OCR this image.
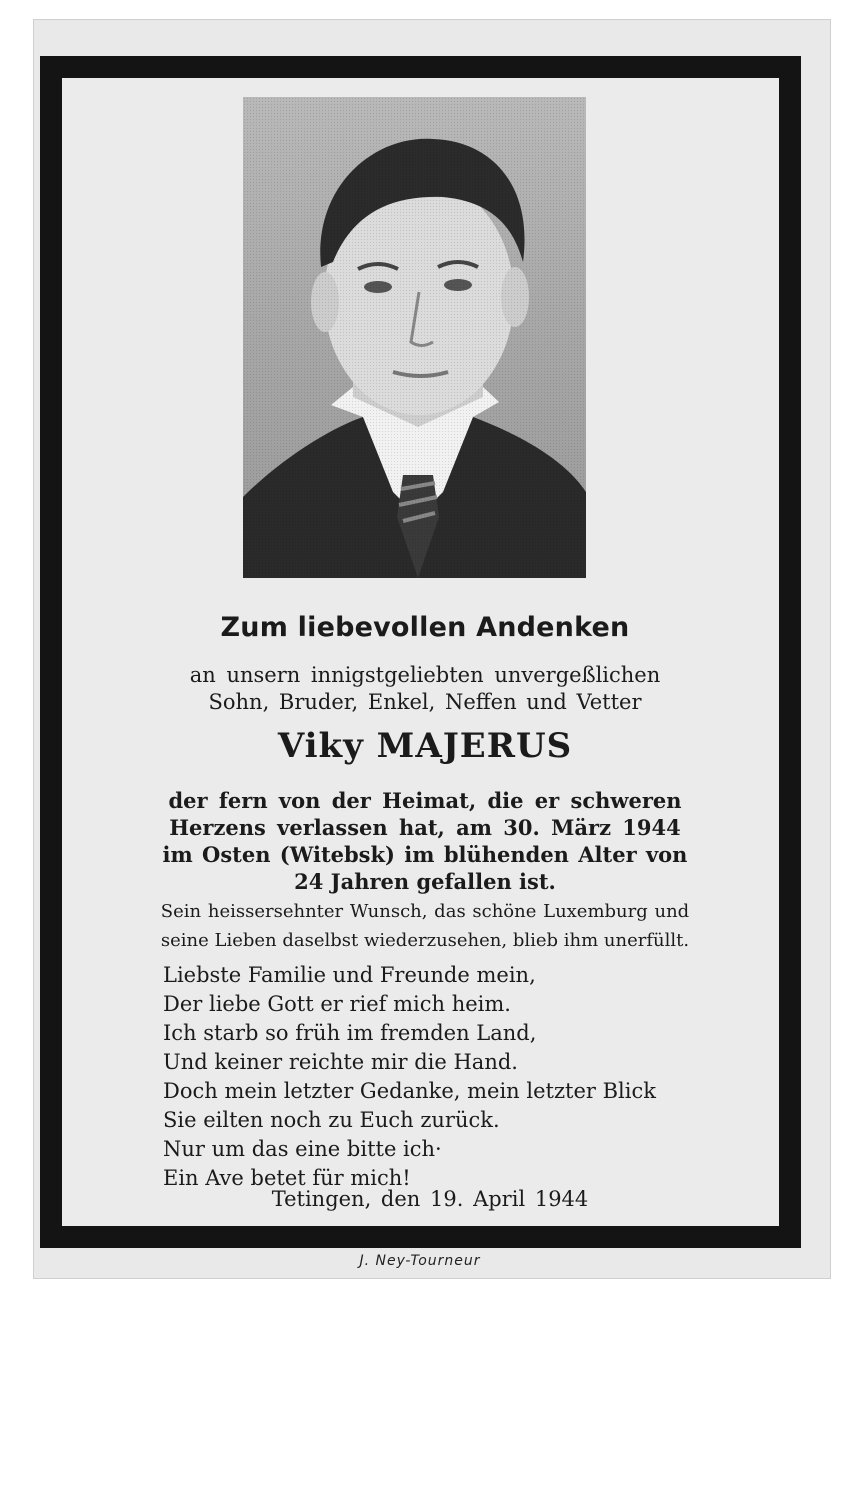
Zum liebevollen Andenken
an unsern innigstgeliebten unvergeßlichen
Sohn, Bruder, Enkel, Neffen und Vetter
Viky MAJERUS
der fern von der Heimat, die er schweren
Herzens verlassen hat, am 30. März 1944
im Osten (Witebsk) im blühenden Alter von
24 Jahren gefallen ist.
Sein heissersehnter Wunsch, das schöne Luxemburg und
seine Lieben daselbst wiederzusehen, blieb ihm unerfüllt.
Liebste Familie und Freunde mein,
Der liebe Gott er rief mich heim.
Ich starb so früh im fremden Land,
Und keiner reichte mir die Hand.
Doch mein letzter Gedanke, mein letzter Blick
Sie eilten noch zu Euch zurück.
Nur um das eine bitte ich·
Ein Ave betet für mich!
Tetingen, den 19. April 1944
J. Ney-Tourneur
